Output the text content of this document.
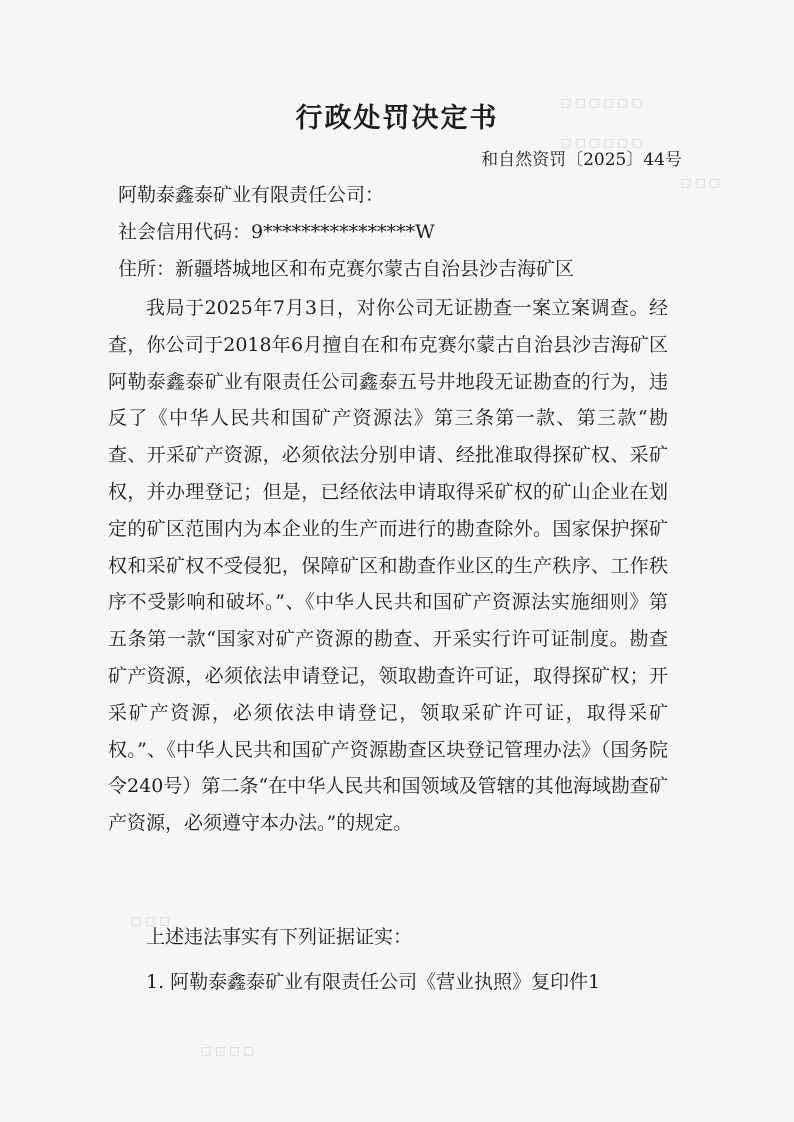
▫▫▫▫▫▫
▫▫▫▫▫▫
▫▫▫
▫▫▫
▫▫▫▫
行政处罚决定书
和自然资罚〔2025〕44号
阿勒泰鑫泰矿业有限责任公司：
社会信用代码：9****************W
住所：新疆塔城地区和布克赛尔蒙古自治县沙吉海矿区

我局于2025年7月3日，对你公司无证勘查一案立案调查。经查，你公司于2018年6月擅自在和布克赛尔蒙古自治县沙吉海矿区阿勒泰鑫泰矿业有限责任公司鑫泰五号井地段无证勘查的行为，违反了《中华人民共和国矿产资源法》第三条第一款、第三款“勘查、开采矿产资源，必须依法分别申请、经批准取得探矿权、采矿权，并办理登记；但是，已经依法申请取得采矿权的矿山企业在划定的矿区范围内为本企业的生产而进行的勘查除外。国家保护探矿权和采矿权不受侵犯，保障矿区和勘查作业区的生产秩序、工作秩序不受影响和破坏。”、《中华人民共和国矿产资源法实施细则》第五条第一款“国家对矿产资源的勘查、开采实行许可证制度。勘查矿产资源，必须依法申请登记，领取勘查许可证，取得探矿权；开采矿产资源，必须依法申请登记，领取采矿许可证，取得采矿权。”、《中华人民共和国矿产资源勘查区块登记管理办法》（国务院令240号）第二条“在中华人民共和国领域及管辖的其他海域勘查矿产资源，必须遵守本办法。”的规定。

上述违法事实有下列证据证实：

1. 阿勒泰鑫泰矿业有限责任公司《营业执照》复印件1
